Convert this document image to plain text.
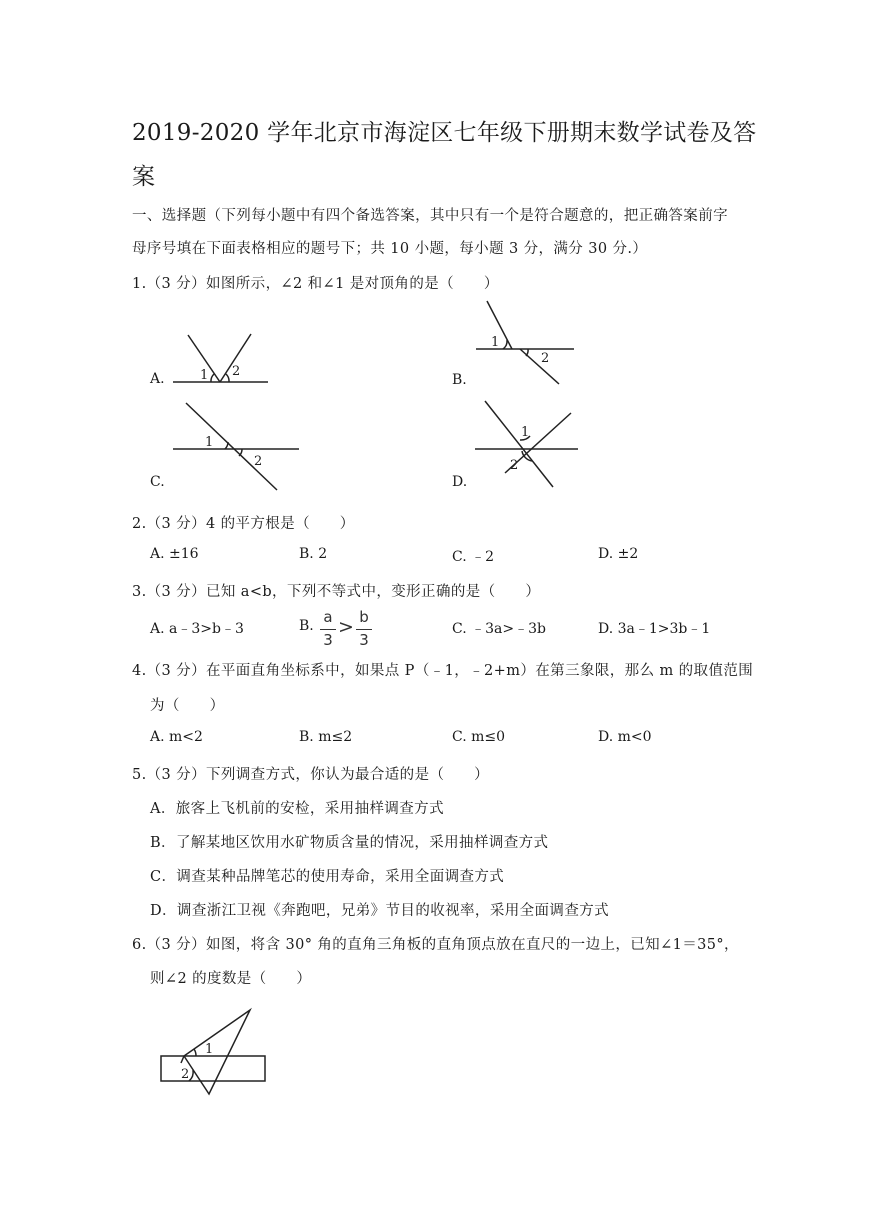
2019-2020 学年北京市海淀区七年级下册期末数学试卷及答
案
一、选择题（下列每小题中有四个备选答案，其中只有一个是符合题意的，把正确答案前字
母序号填在下面表格相应的题号下；共 10 小题，每小题 3 分，满分 30 分.）
1.（3 分）如图所示，∠2 和∠1 是对顶角的是（　　）
A.	B.
C.	D.
1 2
1
2
1
2
1
2
2.（3 分）4 的平方根是（　　）
A. ±16	B. 2	C. ﹣2	D. ±2
3.（3 分）已知 a<b，下列不等式中，变形正确的是（　　）
A. a﹣3>b﹣3	B. a
3
> b
3
C. ﹣3a>﹣3b	D. 3a﹣1>3b﹣1
4.（3 分）在平面直角坐标系中，如果点 P（﹣1，﹣2+m）在第三象限，那么 m 的取值范围
为（　　）
A. m<2	B. m≤2	C. m≤0	D. m<0
5.（3 分）下列调查方式，你认为最合适的是（　　）
A．旅客上飞机前的安检，采用抽样调查方式
B．了解某地区饮用水矿物质含量的情况，采用抽样调查方式
C．调查某种品牌笔芯的使用寿命，采用全面调查方式
D．调查浙江卫视《奔跑吧，兄弟》节目的收视率，采用全面调查方式
6.（3 分）如图，将含 30° 角的直角三角板的直角顶点放在直尺的一边上，已知∠1＝35°，
则∠2 的度数是（　　）
1
2
